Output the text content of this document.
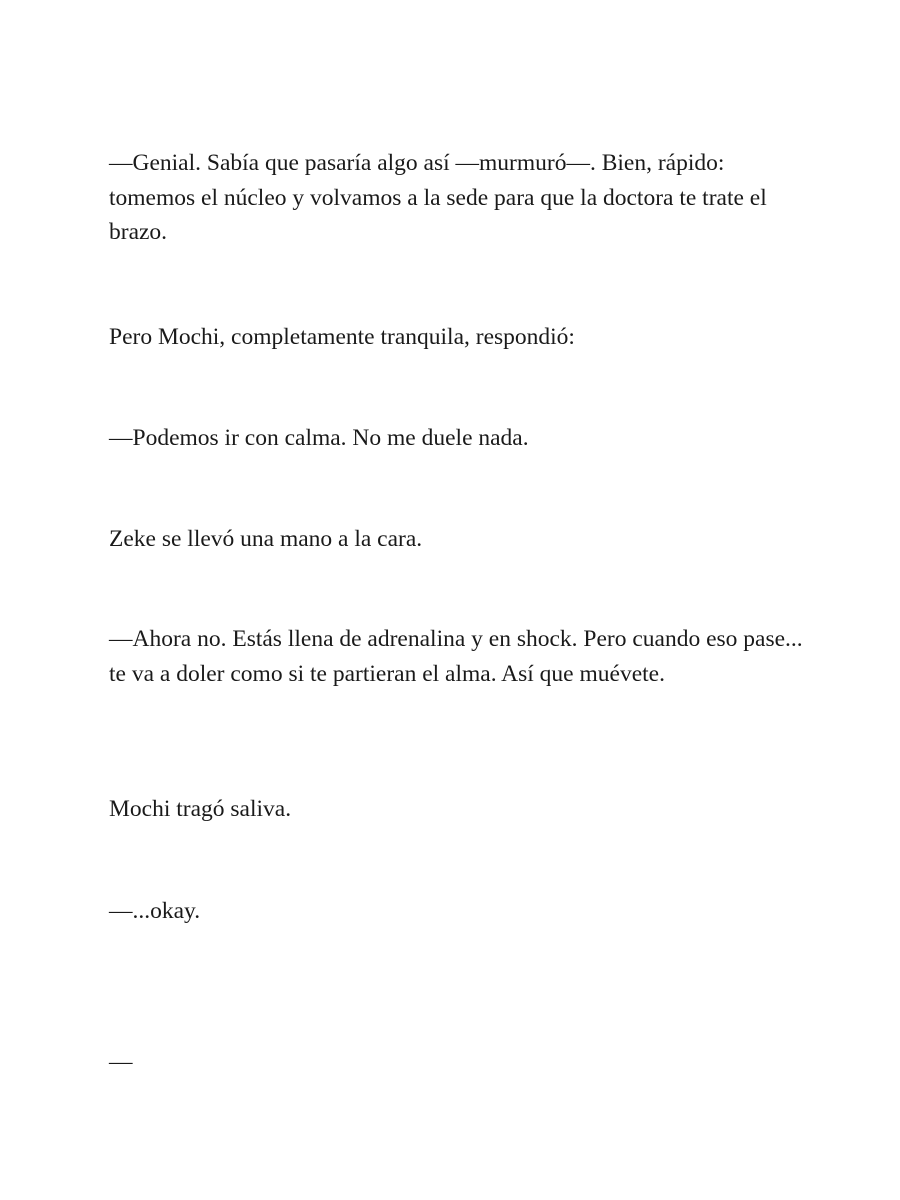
—Genial. Sabía que pasaría algo así —murmuró—. Bien, rápido: tomemos el núcleo y volvamos a la sede para que la doctora te trate el brazo.

Pero Mochi, completamente tranquila, respondió:

—Podemos ir con calma. No me duele nada.

Zeke se llevó una mano a la cara.

—Ahora no. Estás llena de adrenalina y en shock. Pero cuando eso pase... te va a doler como si te partieran el alma. Así que muévete.

Mochi tragó saliva.

—...okay.

—
